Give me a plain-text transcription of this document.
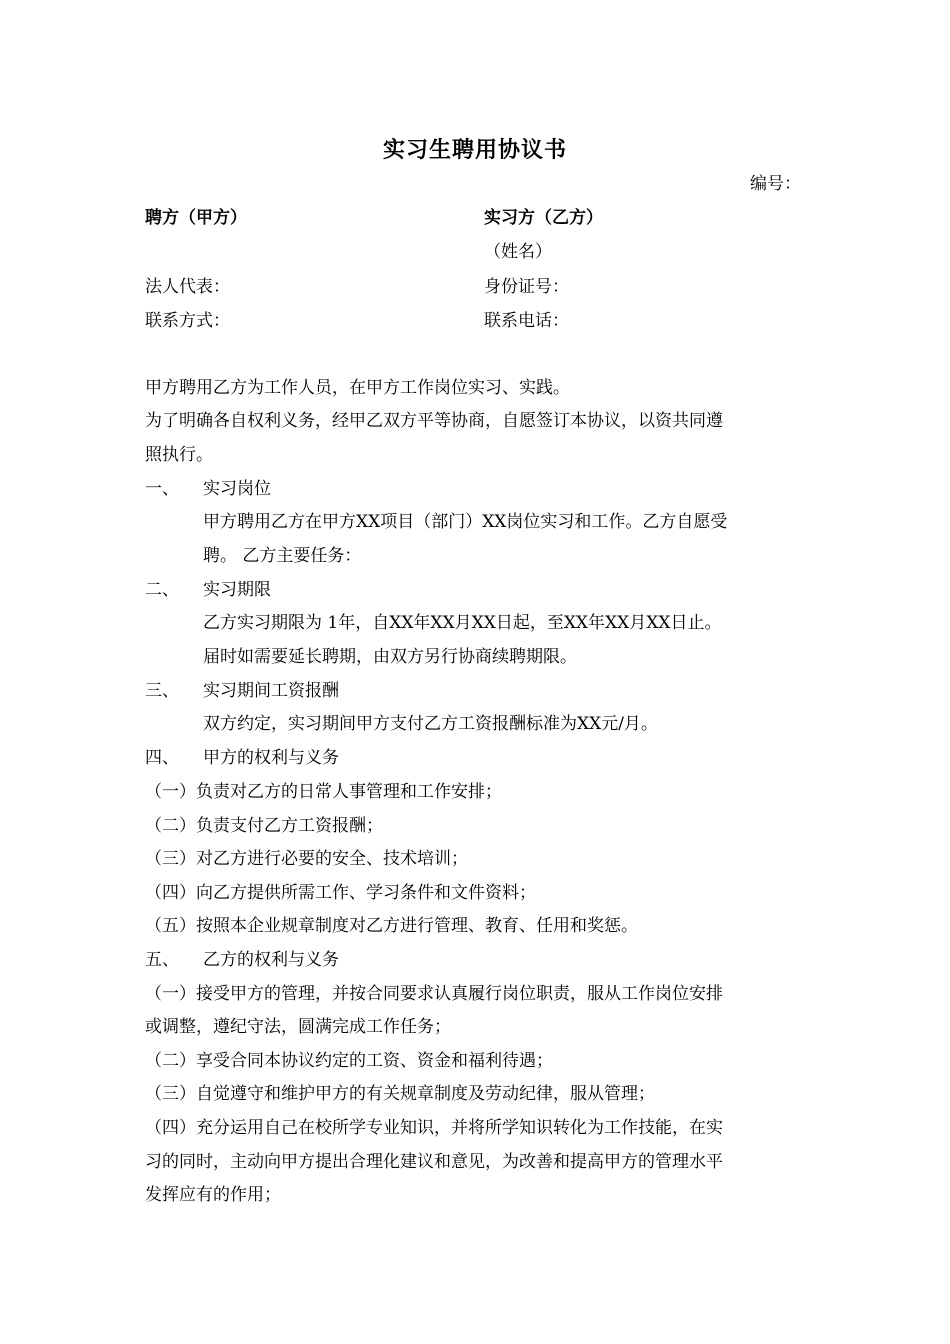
实习生聘用协议书
编号：
聘方（甲方）	实习方（乙方）
（姓名）
法人代表：	身份证号：
联系方式：	联系电话：
甲方聘用乙方为工作人员，在甲方工作岗位实习、实践。
为了明确各自权利义务，经甲乙双方平等协商，自愿签订本协议，以资共同遵
照执行。
一、 实习岗位
甲方聘用乙方在甲方XX项目（部门）XX岗位实习和工作。乙方自愿受
聘。 乙方主要任务：
二、 实习期限
乙方实习期限为 1年，自XX年XX月XX日起，至XX年XX月XX日止。
届时如需要延长聘期，由双方另行协商续聘期限。
三、 实习期间工资报酬
双方约定，实习期间甲方支付乙方工资报酬标准为XX元/月。
四、 甲方的权利与义务
（一）负责对乙方的日常人事管理和工作安排；
（二）负责支付乙方工资报酬；
（三）对乙方进行必要的安全、技术培训；
（四）向乙方提供所需工作、学习条件和文件资料；
（五）按照本企业规章制度对乙方进行管理、教育、任用和奖惩。
五、 乙方的权利与义务
（一）接受甲方的管理，并按合同要求认真履行岗位职责，服从工作岗位安排
或调整，遵纪守法，圆满完成工作任务；
（二）享受合同本协议约定的工资、资金和福利待遇；
（三）自觉遵守和维护甲方的有关规章制度及劳动纪律，服从管理；
（四）充分运用自己在校所学专业知识，并将所学知识转化为工作技能，在实
习的同时，主动向甲方提出合理化建议和意见，为改善和提高甲方的管理水平
发挥应有的作用；
